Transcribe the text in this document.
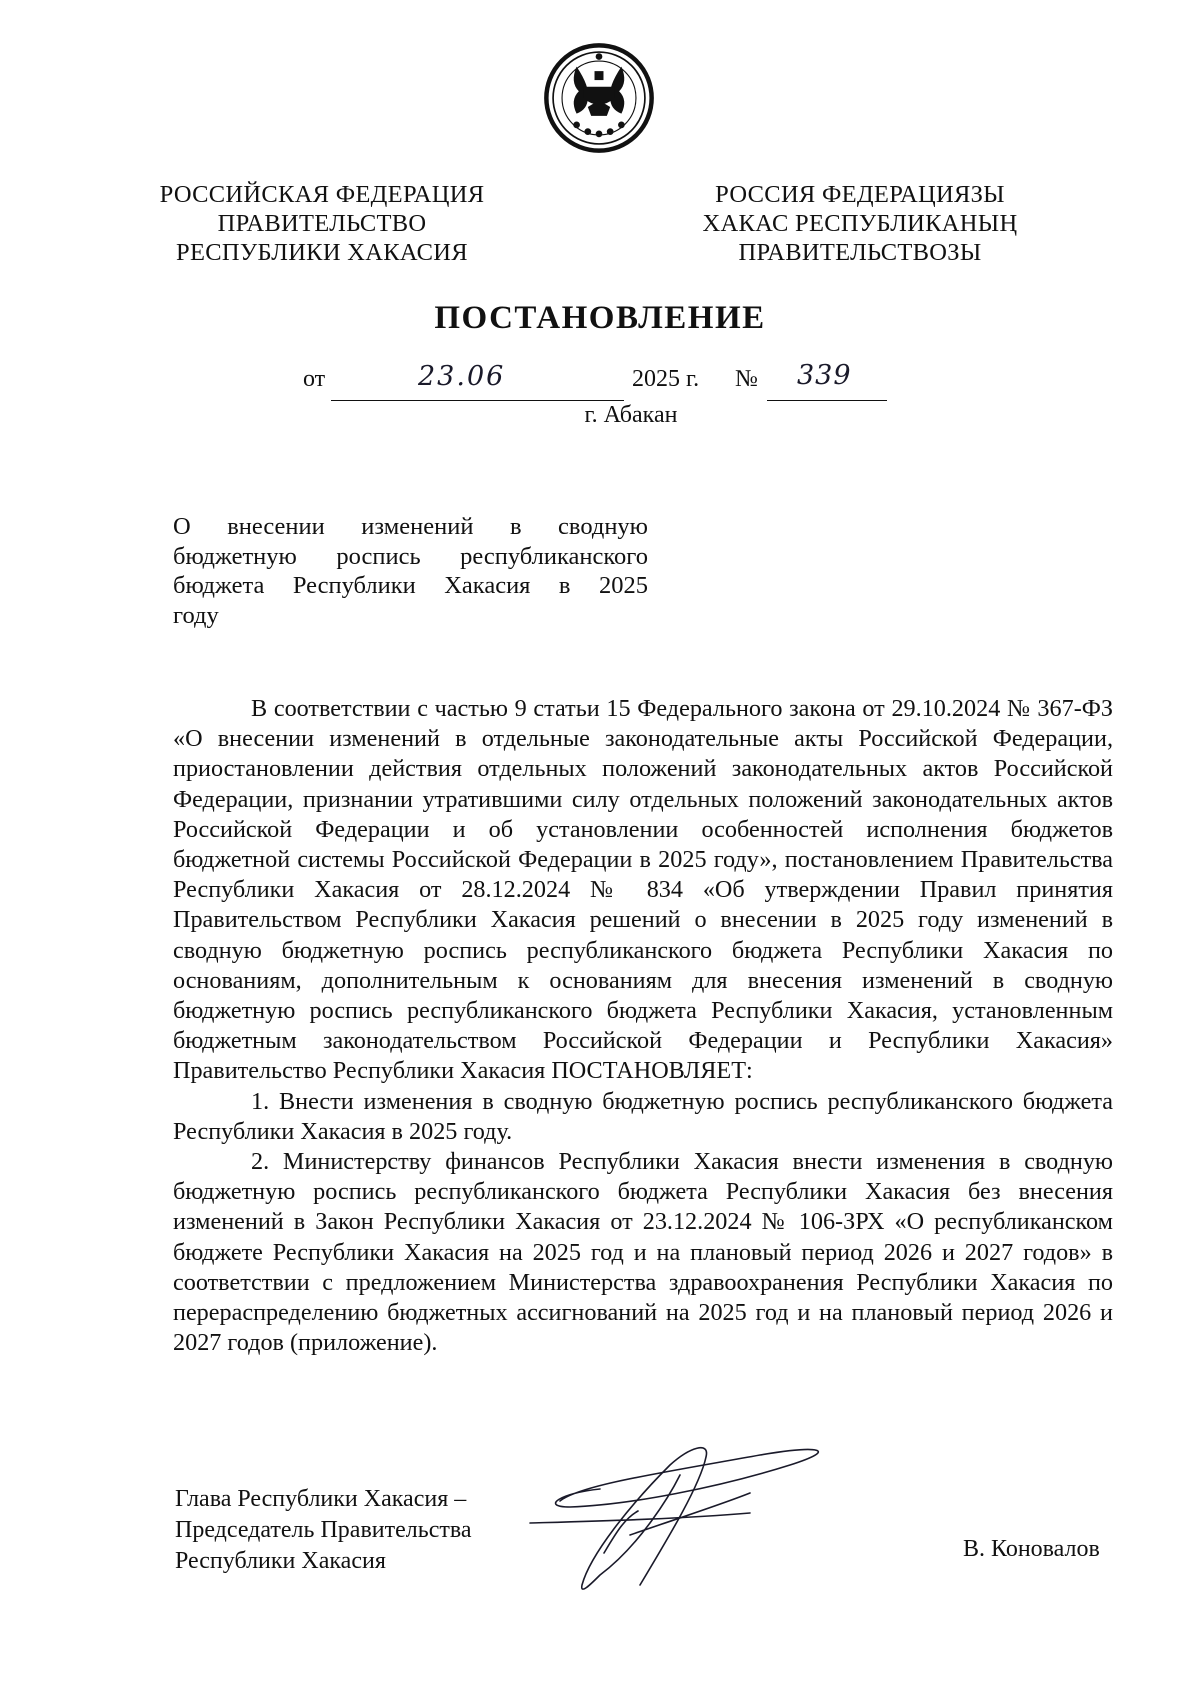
РОССИЙСКАЯ ФЕДЕРАЦИЯ
ПРАВИТЕЛЬСТВО
РЕСПУБЛИКИ ХАКАСИЯ
РОССИЯ ФЕДЕРАЦИЯЗЫ
ХАКАС РЕСПУБЛИКАНЫҢ
ПРАВИТЕЛЬСТВОЗЫ
ПОСТАНОВЛЕНИЕ
от	23.06	2025 г. № 339
г. Абакан
О внесении изменений в сводную
бюджетную роспись республиканского
бюджета Республики Хакасия в 2025
году

В соответствии с частью 9 статьи 15 Федерального закона от 29.10.2024 № 367-ФЗ «О внесении изменений в отдельные законодательные акты Российской Федерации, приостановлении действия отдельных положений законодательных актов Российской Федерации, признании утратившими силу отдельных положений законодательных актов Российской Федерации и об установлении особенностей исполнения бюджетов бюджетной системы Российской Федерации в 2025 году», постановлением Правительства Республики Хакасия от 28.12.2024 № 834 «Об утверждении Правил принятия Правительством Республики Хакасия решений о внесении в 2025 году изменений в сводную бюджетную роспись республиканского бюджета Республики Хакасия по основаниям, дополнительным к основаниям для внесения изменений в сводную бюджетную роспись республиканского бюджета Республики Хакасия, установленным бюджетным законодательством Российской Федерации и Республики Хакасия» Правительство Республики Хакасия ПОСТАНОВЛЯЕТ:

1. Внести изменения в сводную бюджетную роспись республиканского бюджета Республики Хакасия в 2025 году.

2. Министерству финансов Республики Хакасия внести изменения в сводную бюджетную роспись республиканского бюджета Республики Хакасия без внесения изменений в Закон Республики Хакасия от 23.12.2024 № 106-ЗРХ «О республиканском бюджете Республики Хакасия на 2025 год и на плановый период 2026 и 2027 годов» в соответствии с предложением Министерства здравоохранения Республики Хакасия по перераспределению бюджетных ассигнований на 2025 год и на плановый период 2026 и 2027 годов (приложение).

Глава Республики Хакасия –
Председатель Правительства
Республики Хакасия	В. Коновалов
